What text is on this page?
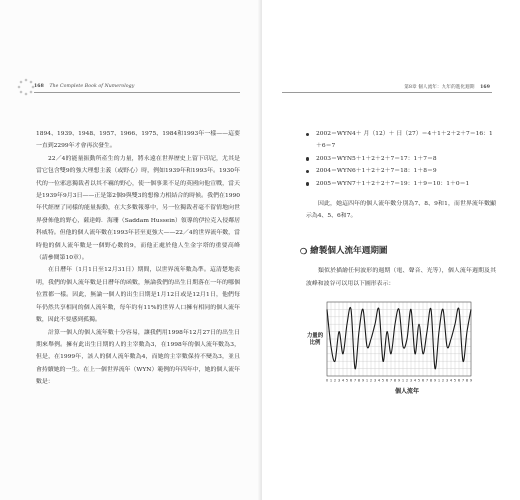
168 The Complete Book of Numerology

1894、1939、1948、1957、1966、1975、1984和1993年一樣——這要一直到2299年才會再次發生。

22／4的能量振動所產生的力量，將永遠在世界歷史上留下印記，尤其是當它包含雙9的強大理想主義（或野心）時，例如1939年和1993年。1930年代的一位邪惡獨裁者以其不羈的野心，使一個事業不足的英國向他宣戰，當天是1939年9月3日——正是第2個9與雙3的想像力相結合的時候。我們在1990年代經歷了同樣的能量振動，在大多數報導中，另一位獨裁者毫不留情地向世界發佈他的野心，薩達姆．海珊（Saddam Hussein）領導的伊拉克入侵鄰居科威特。但他的個人流年數在1993年甚至更強大——22／4的世界流年數，當時他的個人流年數是一個野心數的9，而他正處於他人生金字塔的重要高峰（請參閱第10章）。

在日曆年（1月1日至12月31日）期間，以世界流年數為準。這清楚地表明，我們的個人流年數是日曆年的函數，無論我們的出生日期落在一年的哪個位置都一樣。因此，無論一個人的出生日期是1月12日或是12月1日，他們每年仍然共享相同的個人流年數，每年約有11%的世界人口擁有相同的個人流年數，因此不要感到孤獨。

計算一個人的個人流年數十分容易，讓我們用1998年12月27日的出生日期來舉例。擁有此出生日期的人的主宰數為3，在1998年的個人流年數為3，但是，在1999年，該人的個人流年數為4，而她的主宰數保持不變為3，並且會持續她的一生。在上一個世界流年（WYN）範例的年四年中，她的個人流年數是：

第8章 個人流年：九年的進化週期 169
2002＝WYN4＋ 月（12）＋ 日（27）＝4＋1＋2＋2＋7＝16：1＋6＝7
2003＝WYN5＋1＋2＋2＋7＝17：1＋7＝8
2004＝WYN6＋1＋2＋2＋7＝18：1＋8＝9
2005＝WYN7＋1＋2＋2＋7＝19：1＋9＝10：1＋0＝1

因此，她這四年的個人流年數分別為7、8、9和1，而世界流年數顯示為4、5、6和7。

❍ 繪製個人流年週期圖

類似於描繪任何波形的週期（電、聲音、光等），個人流年週期及其波峰和波谷可以用以下圖形表示：

0 1 2 3 4 5 6 7 8 9 1 2 3 4 5 6 7 8 9 1 2 3 4 5 6 7 8 9 1 2 3 4 5 6 7 8 9
個人流年
力量的比例
